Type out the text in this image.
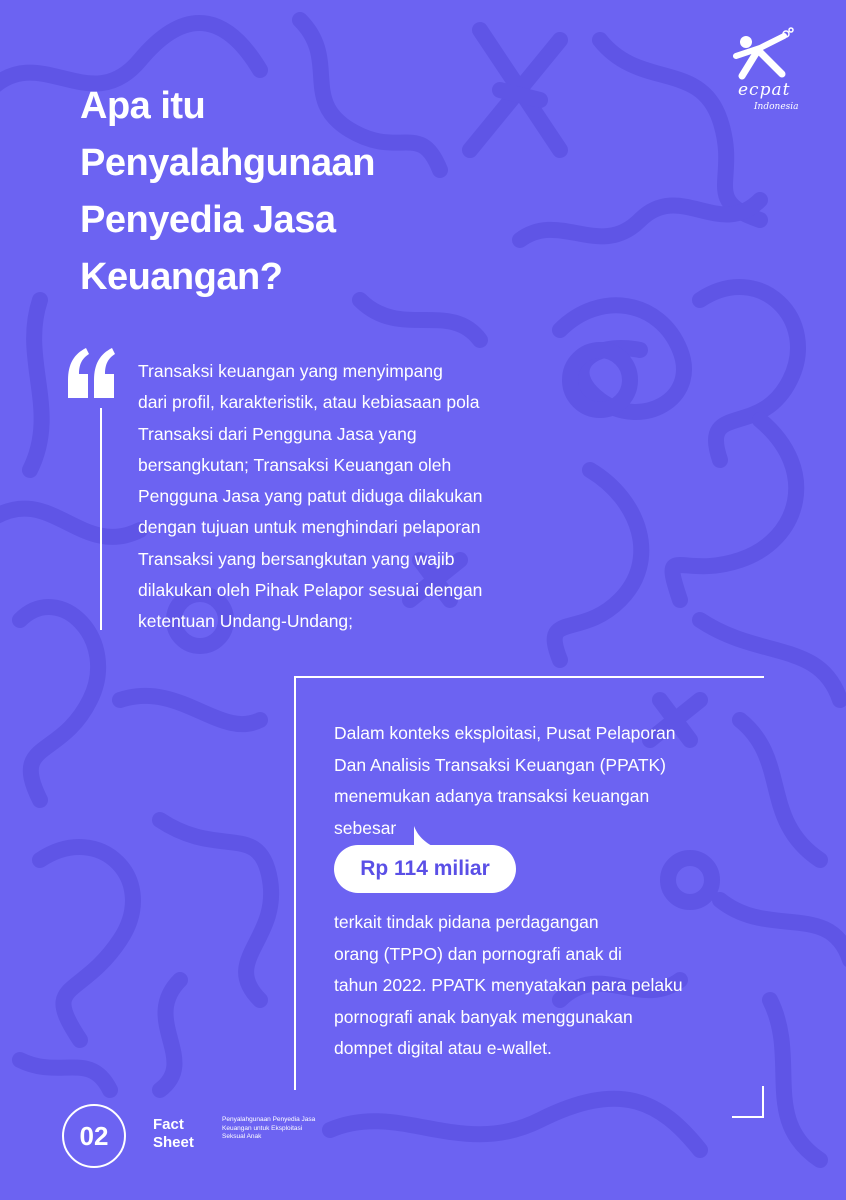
ecpat
Indonesia
Apa itu
Penyalahgunaan
Penyedia Jasa
Keuangan?
Transaksi keuangan yang menyimpang
dari profil, karakteristik, atau kebiasaan pola
Transaksi dari Pengguna Jasa yang
bersangkutan; Transaksi Keuangan oleh
Pengguna Jasa yang patut diduga dilakukan
dengan tujuan untuk menghindari pelaporan
Transaksi yang bersangkutan yang wajib
dilakukan oleh Pihak Pelapor sesuai dengan
ketentuan Undang-Undang;
Dalam konteks eksploitasi, Pusat Pelaporan
Dan Analisis Transaksi Keuangan (PPATK)
menemukan adanya transaksi keuangan
sebesar
Rp 114 miliar
terkait tindak pidana perdagangan
orang (TPPO) dan pornografi anak di
tahun 2022. PPATK menyatakan para pelaku
pornografi anak banyak menggunakan
dompet digital atau e-wallet.
02	Fact
Sheet
Penyalahgunaan Penyedia Jasa Keuangan untuk Eksploitasi Seksual Anak
